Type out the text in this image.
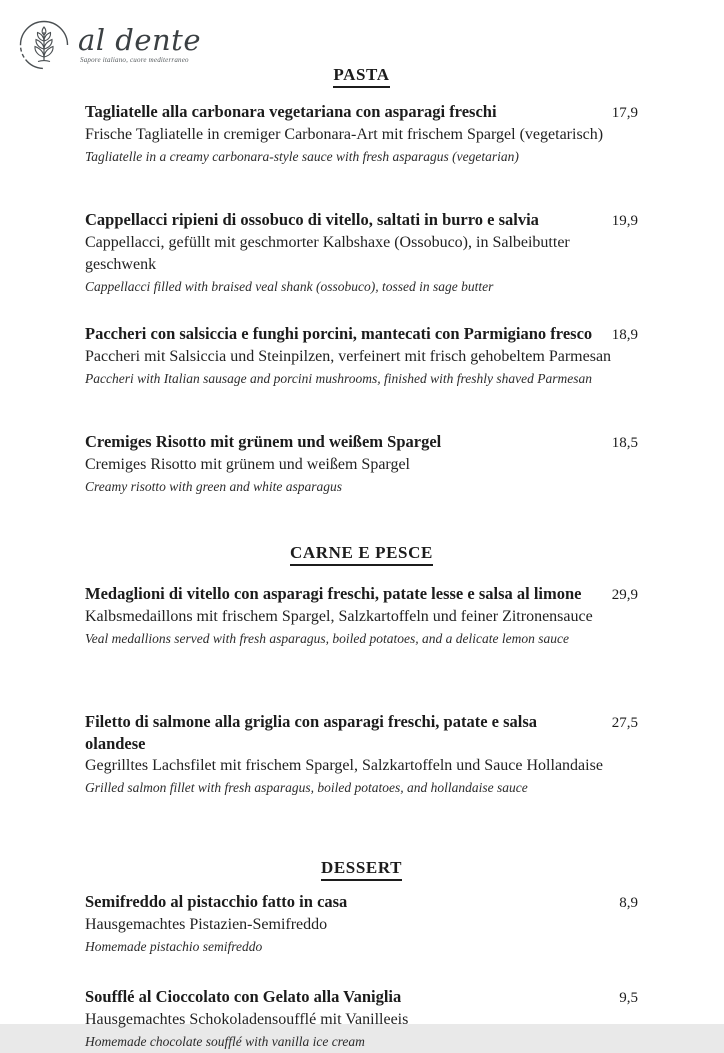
al dente
Sapore italiano, cuore mediterraneo
PASTA
Tagliatelle alla carbonara vegetariana con asparagi freschi	17,9

Frische Tagliatelle in cremiger Carbonara-Art mit frischem Spargel (vegetarisch)

Tagliatelle in a creamy carbonara-style sauce with fresh asparagus (vegetarian)

Cappellacci ripieni di ossobuco di vitello, saltati in burro e salvia	19,9

Cappellacci, gefüllt mit geschmorter Kalbshaxe (Ossobuco), in Salbeibutter geschwenk

Cappellacci filled with braised veal shank (ossobuco), tossed in sage butter

Paccheri con salsiccia e funghi porcini, mantecati con Parmigiano fresco 18,9

Paccheri mit Salsiccia und Steinpilzen, verfeinert mit frisch gehobeltem Parmesan

Paccheri with Italian sausage and porcini mushrooms, finished with freshly shaved Parmesan

Cremiges Risotto mit grünem und weißem Spargel	18,5

Cremiges Risotto mit grünem und weißem Spargel

Creamy risotto with green and white asparagus

CARNE E PESCE
Medaglioni di vitello con asparagi freschi, patate lesse e salsa al limone 29,9

Kalbsmedaillons mit frischem Spargel, Salzkartoffeln und feiner Zitronensauce

Veal medallions served with fresh asparagus, boiled potatoes, and a delicate lemon sauce

Filetto di salmone alla griglia con asparagi freschi, patate e salsa olandese
27,5

Gegrilltes Lachsfilet mit frischem Spargel, Salzkartoffeln und Sauce Hollandaise

Grilled salmon fillet with fresh asparagus, boiled potatoes, and hollandaise sauce

DESSERT
Semifreddo al pistacchio fatto in casa	8,9

Hausgemachtes Pistazien-Semifreddo

Homemade pistachio semifreddo

Soufflé al Cioccolato con Gelato alla Vaniglia	9,5

Hausgemachtes Schokoladensoufflé mit Vanilleeis

Homemade chocolate soufflé with vanilla ice cream
